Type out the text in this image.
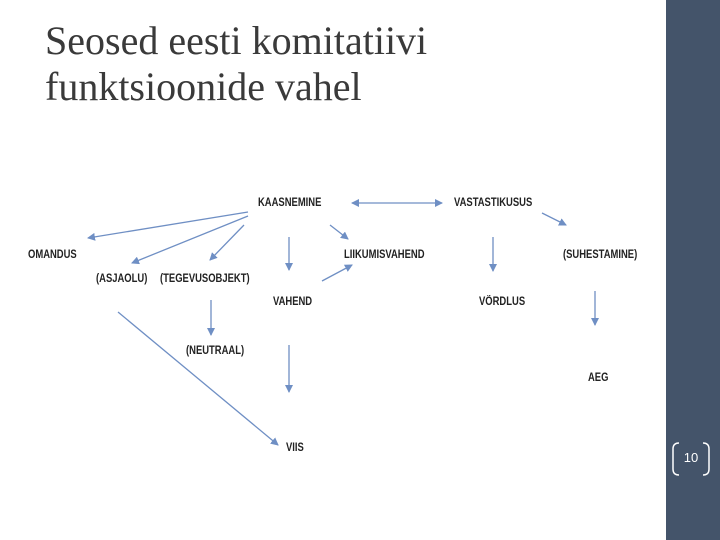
Seosed eesti komitatiivi
funktsioonide vahel
10
KAASNEMINE	VASTASTIKUSUS
OMANDUS	LIIKUMISVAHEND	(SUHESTAMINE)
(ASJAOLU) (TEGEVUSOBJEKT)
VAHEND	VÕRDLUS
(NEUTRAAL)
AEG
VIIS
